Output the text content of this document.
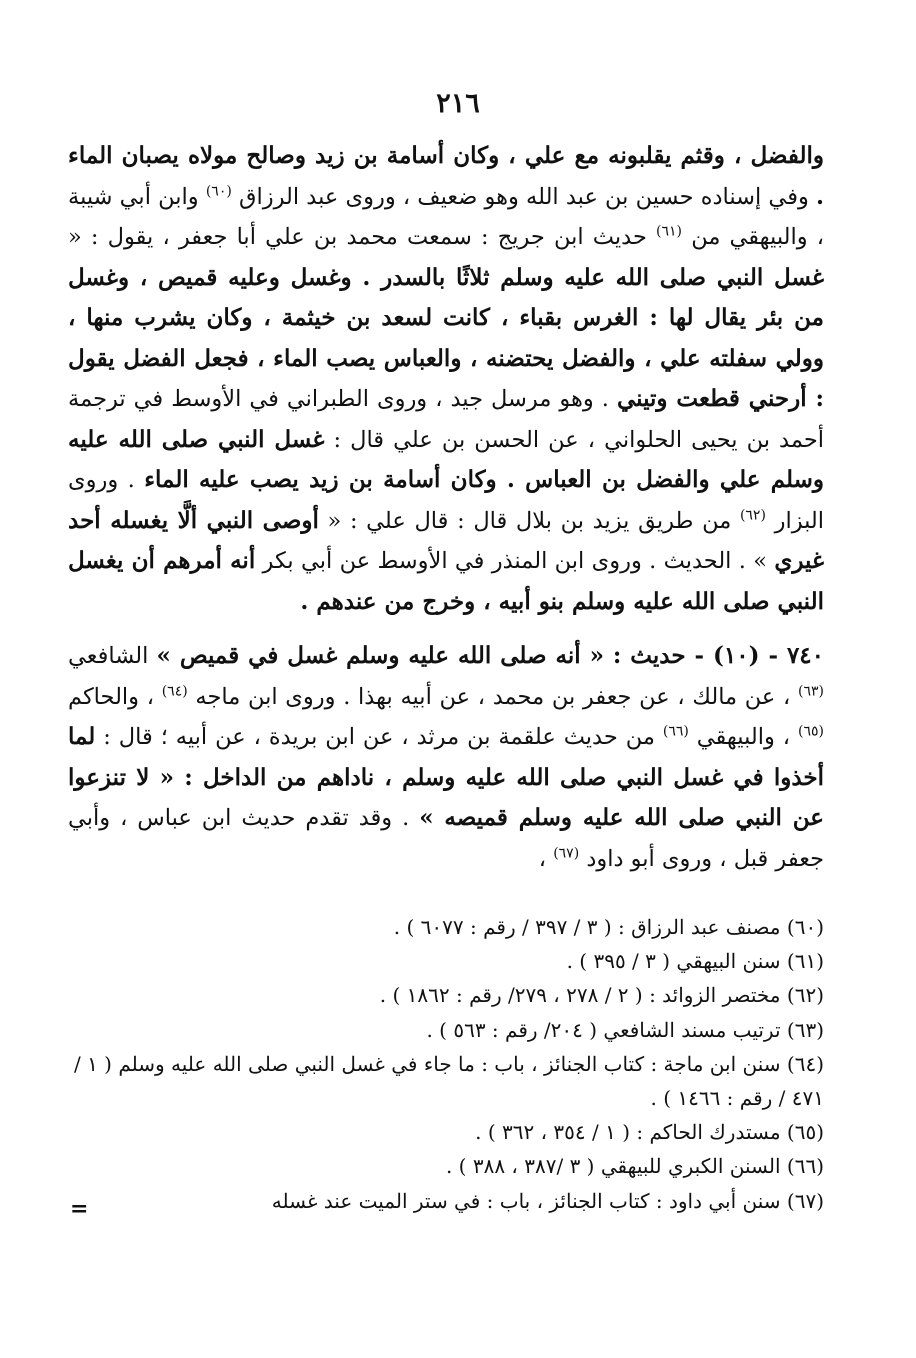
٢١٦

والفضل ، وقثم يقلبونه مع علي ، وكان أسامة بن زيد وصالح مولاه يصبان الماء . وفي إسناده حسين بن عبد الله وهو ضعيف ، وروى عبد الرزاق $^{(٦٠)}$ وابن أبي شيبة ، والبيهقي من $^{(٦١)}$ حديث ابن جريج : سمعت محمد بن علي أبا جعفر ، يقول : « غسل النبي صلى الله عليه وسلم ثلاثًا بالسدر . وغسل وعليه قميص ، وغسل من بئر يقال لها : الغرس بقباء ، كانت لسعد بن خيثمة ، وكان يشرب منها ، وولي سفلته علي ، والفضل يحتضنه ، والعباس يصب الماء ، فجعل الفضل يقول : أرحني قطعت وتيني . وهو مرسل جيد ، وروى الطبراني في الأوسط في ترجمة أحمد بن يحيى الحلواني ، عن الحسن بن علي قال : غسل النبي صلى الله عليه وسلم علي والفضل بن العباس . وكان أسامة بن زيد يصب عليه الماء . وروى البزار $^{(٦٢)}$ من طريق يزيد بن بلال قال : قال علي : « أوصى النبي ألَّا يغسله أحد غيري » . الحديث . وروى ابن المنذر في الأوسط عن أبي بكر أنه أمرهم أن يغسل النبي صلى الله عليه وسلم بنو أبيه ، وخرج من عندهم .

٧٤٠ - (١٠) - حديث : « أنه صلى الله عليه وسلم غسل في قميص » الشافعي $^{(٦٣)}$ ، عن مالك ، عن جعفر بن محمد ، عن أبيه بهذا . وروى ابن ماجه $^{(٦٤)}$ ، والحاكم $^{(٦٥)}$ ، والبيهقي $^{(٦٦)}$ من حديث علقمة بن مرثد ، عن ابن بريدة ، عن أبيه ؛ قال : لما أخذوا في غسل النبي صلى الله عليه وسلم ، ناداهم من الداخل : « لا تنزعوا عن النبي صلى الله عليه وسلم قميصه » . وقد تقدم حديث ابن عباس ، وأبي جعفر قبل ، وروى أبو داود $^{(٦٧)}$ ،

(٦٠) مصنف عبد الرزاق : ( ٣ / ٣٩٧ / رقم : ٦٠٧٧ ) .
(٦١) سنن البيهقي ( ٣ / ٣٩٥ ) .
(٦٢) مختصر الزوائد : ( ٢ / ٢٧٨ ، ٢٧٩/ رقم : ١٨٦٢ ) .
(٦٣) ترتيب مسند الشافعي ( ٢٠٤/ رقم : ٥٦٣ ) .
(٦٤) سنن ابن ماجة : كتاب الجنائز ، باب : ما جاء في غسل النبي صلى الله عليه وسلم ( ١ / ٤٧١ / رقم : ١٤٦٦ ) .
(٦٥) مستدرك الحاكم : ( ١ / ٣٥٤ ، ٣٦٢ ) .
(٦٦) السنن الكبري للبيهقي ( ٣ /٣٨٧ ، ٣٨٨ ) .
(٦٧) سنن أبي داود : كتاب الجنائز ، باب : في ستر الميت عند غسله
=
